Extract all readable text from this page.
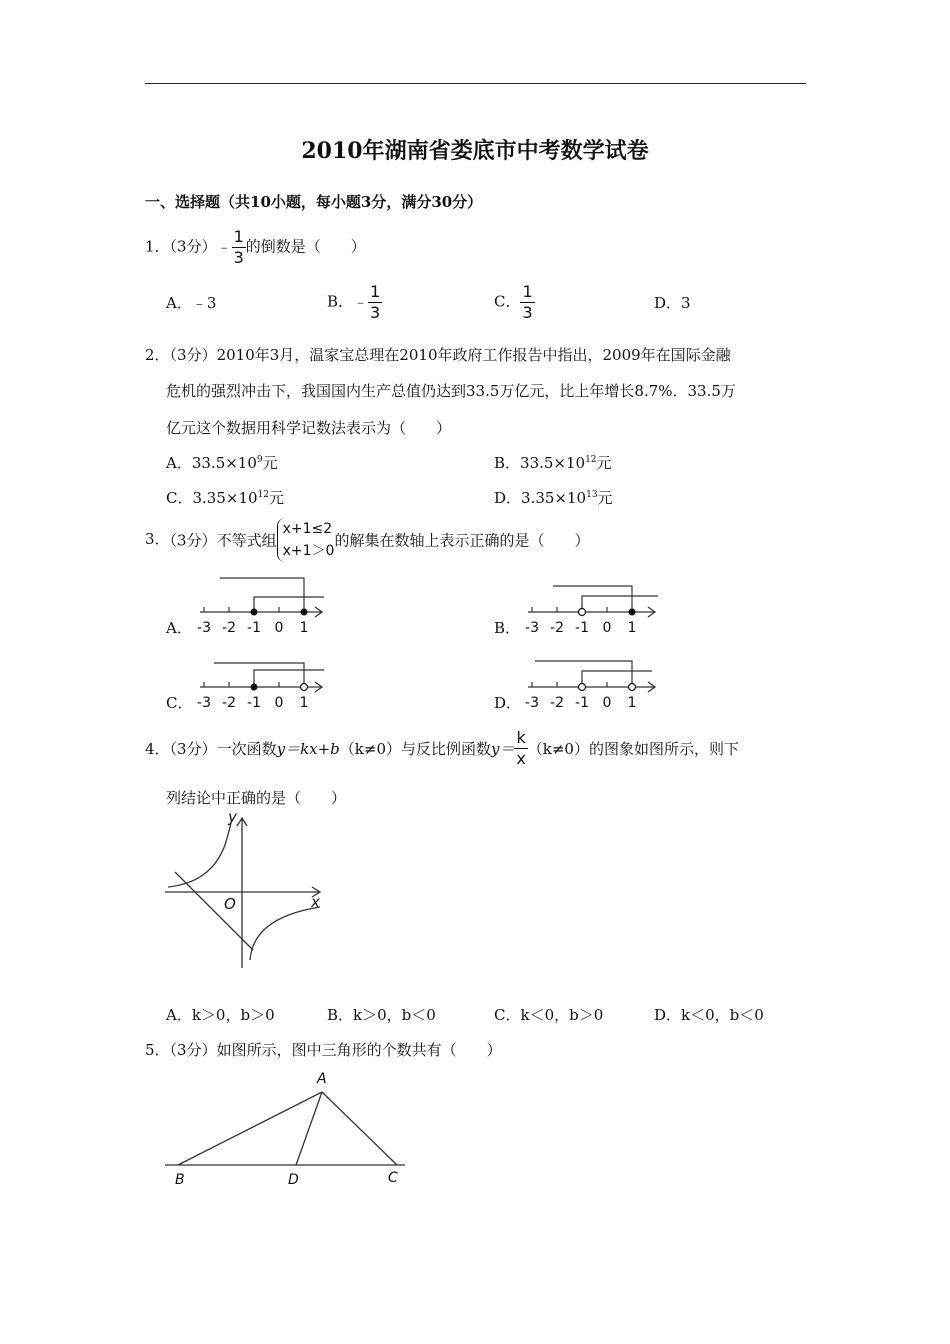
2010年湖南省娄底市中考数学试卷
一、选择题（共10小题，每小题3分，满分30分）
1．（3分）﹣ $\frac{1}{3}$ 的倒数是（　　）
A．﹣3	B．﹣ $\frac{1}{3}$	C． $\frac{1}{3}$	D．3
2．（3分）2010年3月，温家宝总理在2010年政府工作报告中指出，2009年在国际金融
危机的强烈冲击下，我国国内生产总值仍达到33.5万亿元，比上年增长8.7%．33.5万
亿元这个数据用科学记数法表示为（　　）
A．$33.5\times 10^9$元	B．$33.5\times 10^{12}$元
C．$3.35\times 10^{12}$元	D．$3.35\times 10^{13}$元
3．（3分）不等式组
x+1≤2
x+1＞0
的解集在数轴上表示正确的是（　　）
A． -3 -2 -1 0 1	B． -3 -2 -1 0 1
C． -3 -2 -1 0 1	D． -3 -2 -1 0 1
4．（3分）一次函数y＝kx+b（k≠0）与反比例函数$y= \frac{k}{x} (k\ne 0)$的图象如图所示，则下
列结论中正确的是（　　）
y
x
O
A．k＞0，b＞0	B．k＞0，b＜0	C．k＜0，b＞0	D．k＜0，b＜0
5．（3分）如图所示，图中三角形的个数共有（　　）
A
B	D	C
